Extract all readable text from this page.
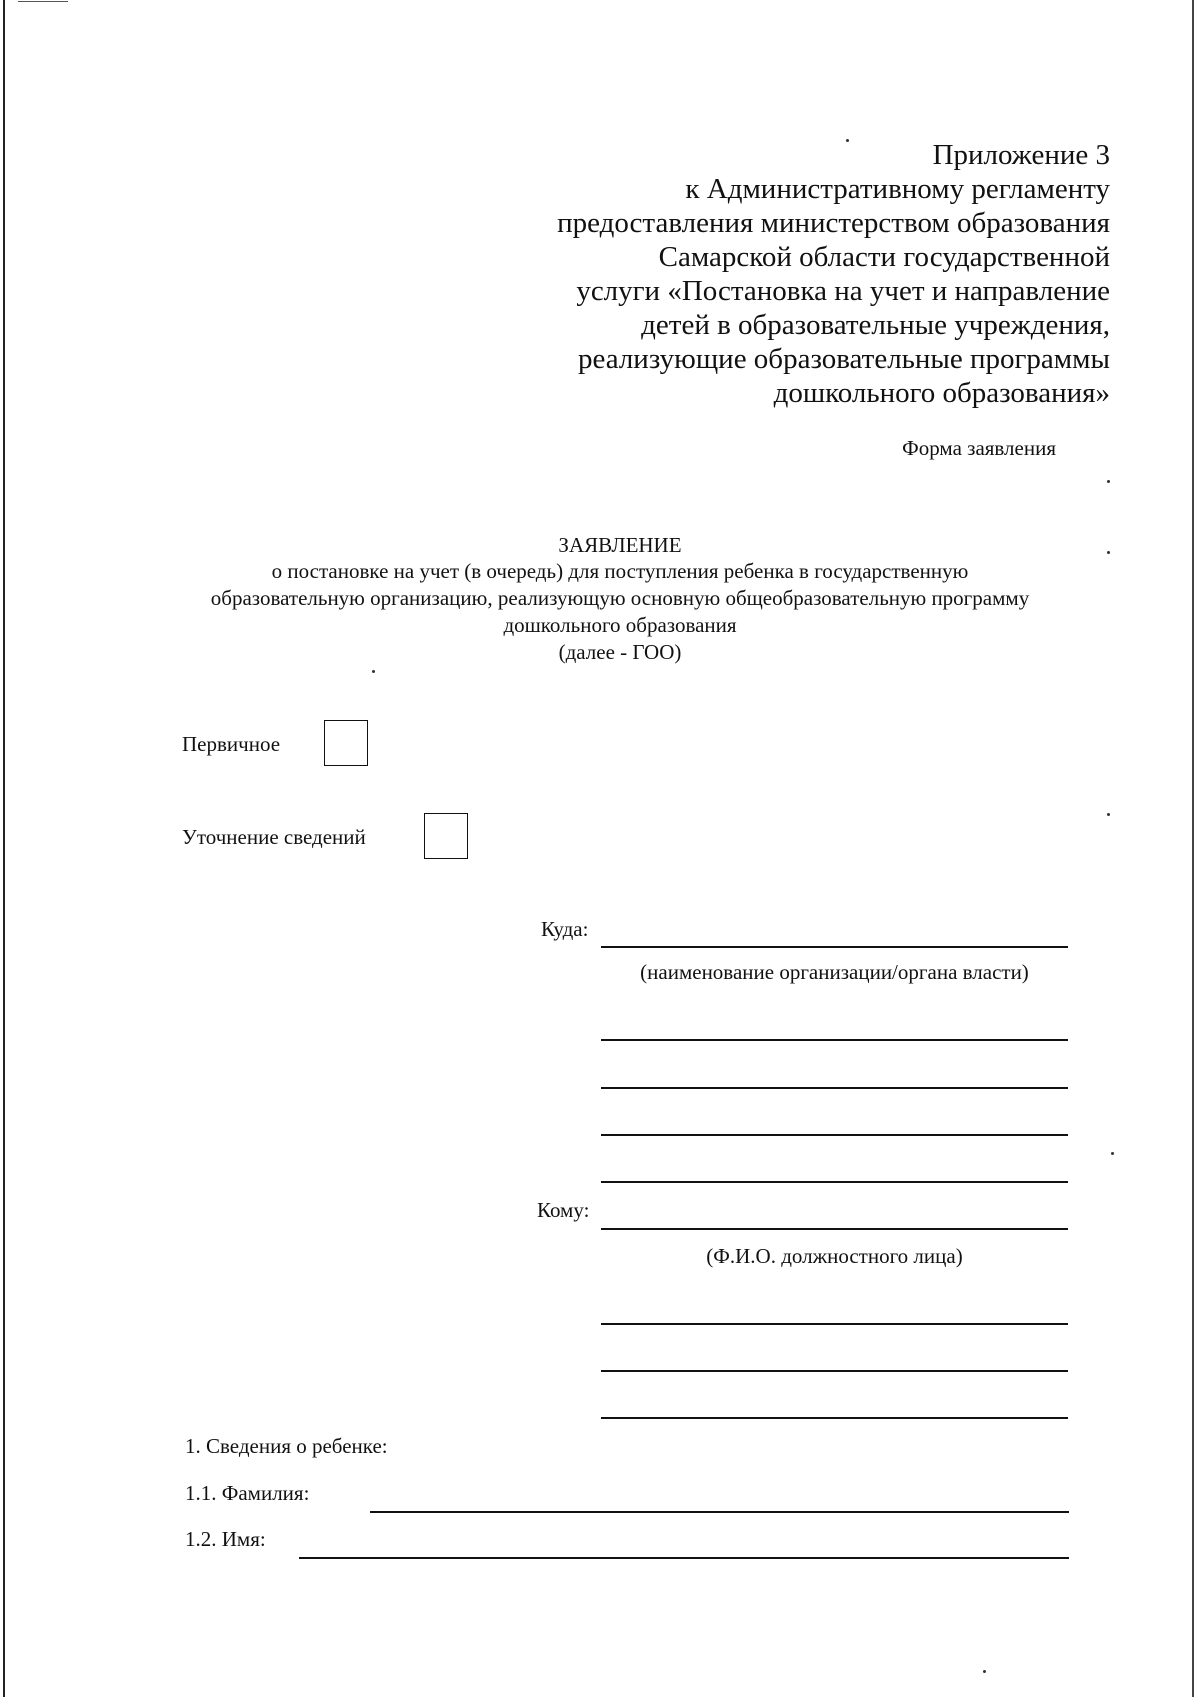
Приложение 3
к Административному регламенту
предоставления министерством образования
Самарской области государственной
услуги «Постановка на учет и направление
детей в образовательные учреждения,
реализующие образовательные программы
дошкольного образования»
Форма заявления
ЗАЯВЛЕНИЕ
о постановке на учет (в очередь) для поступления ребенка в государственную
образовательную организацию, реализующую основную общеобразовательную программу
дошкольного образования
(далее - ГОО)
Первичное
Уточнение сведений
Куда:
(наименование организации/органа власти)
Кому:
(Ф.И.О. должностного лица)
1. Сведения о ребенке:
1.1. Фамилия:
1.2. Имя:
